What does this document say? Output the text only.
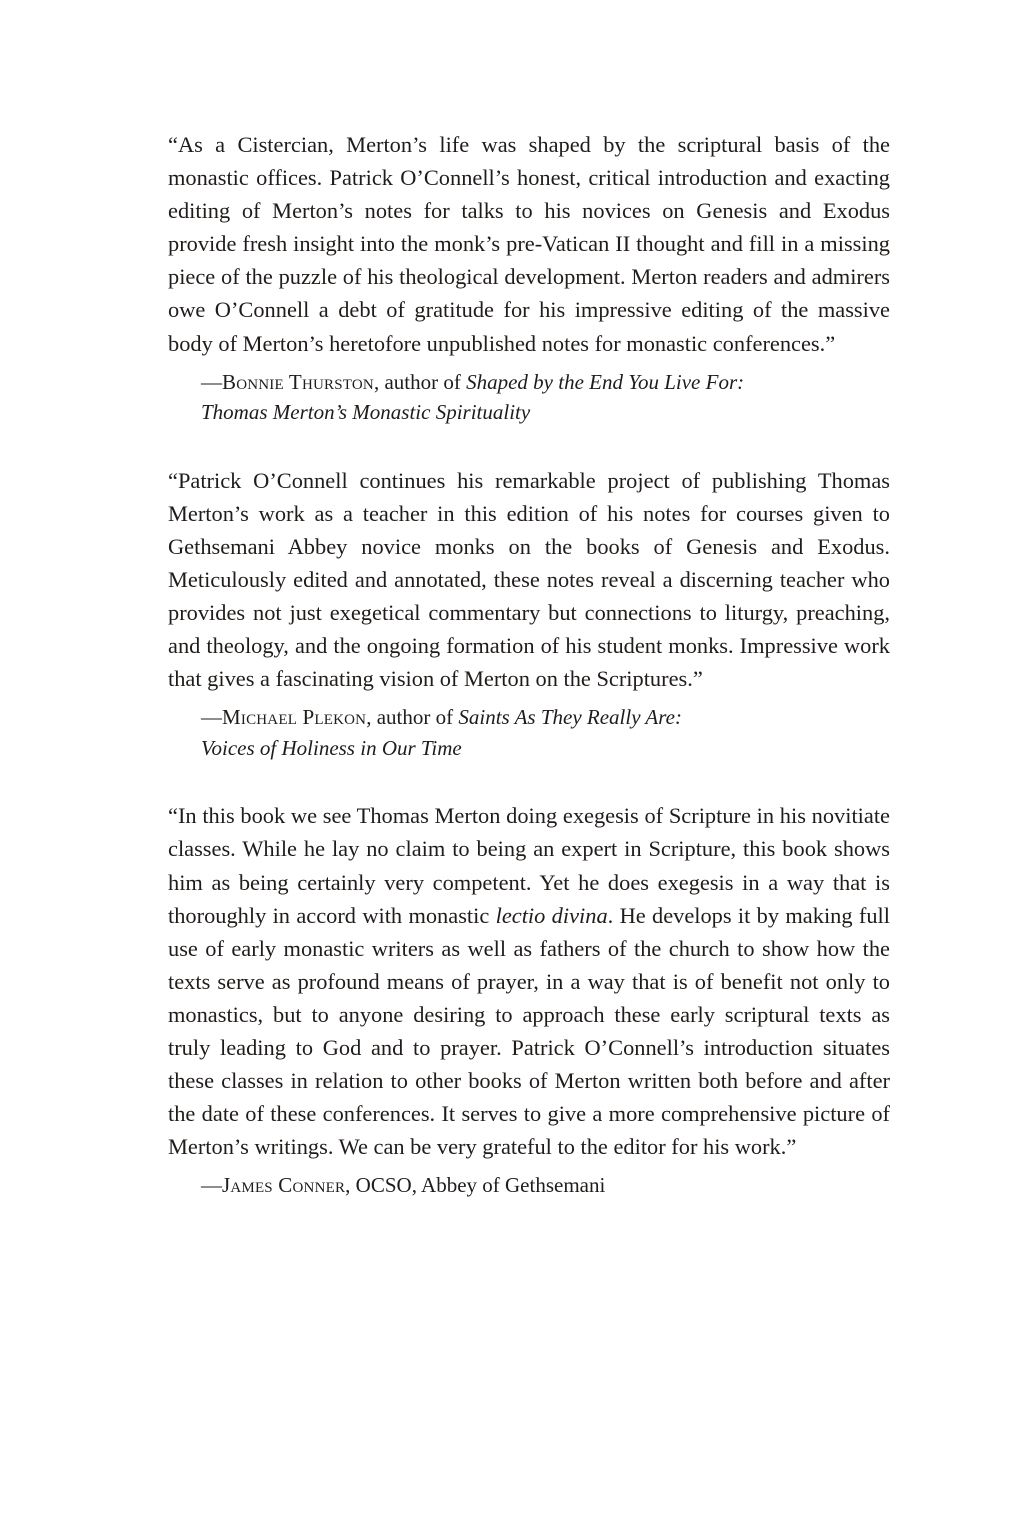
“As a Cistercian, Merton’s life was shaped by the scriptural basis of the monastic offices. Patrick O’Connell’s honest, critical introduction and exacting editing of Merton’s notes for talks to his novices on Genesis and Exodus provide fresh insight into the monk’s pre-Vatican II thought and fill in a missing piece of the puzzle of his theological development. Merton readers and admirers owe O’Connell a debt of gratitude for his impressive editing of the massive body of Merton’s heretofore unpublished notes for monastic conferences.”

—Bonnie Thurston, author of Shaped by the End You Live For:
Thomas Merton’s Monastic Spirituality

“Patrick O’Connell continues his remarkable project of publishing Thomas Merton’s work as a teacher in this edition of his notes for courses given to Gethsemani Abbey novice monks on the books of Genesis and Exodus. Meticulously edited and annotated, these notes reveal a discerning teacher who provides not just exegetical commentary but connections to liturgy, preaching, and theology, and the ongoing formation of his student monks. Impressive work that gives a fascinating vision of Merton on the Scriptures.”

—Michael Plekon, author of Saints As They Really Are:
Voices of Holiness in Our Time

“In this book we see Thomas Merton doing exegesis of Scripture in his novitiate classes. While he lay no claim to being an expert in Scripture, this book shows him as being certainly very competent. Yet he does exegesis in a way that is thoroughly in accord with monastic lectio divina. He develops it by making full use of early monastic writers as well as fathers of the church to show how the texts serve as profound means of prayer, in a way that is of benefit not only to monastics, but to anyone desiring to approach these early scriptural texts as truly leading to God and to prayer. Patrick O’Connell’s introduction situates these classes in relation to other books of Merton written both before and after the date of these conferences. It serves to give a more comprehensive picture of Merton’s writings. We can be very grateful to the editor for his work.”

—James Conner, OCSO, Abbey of Gethsemani
